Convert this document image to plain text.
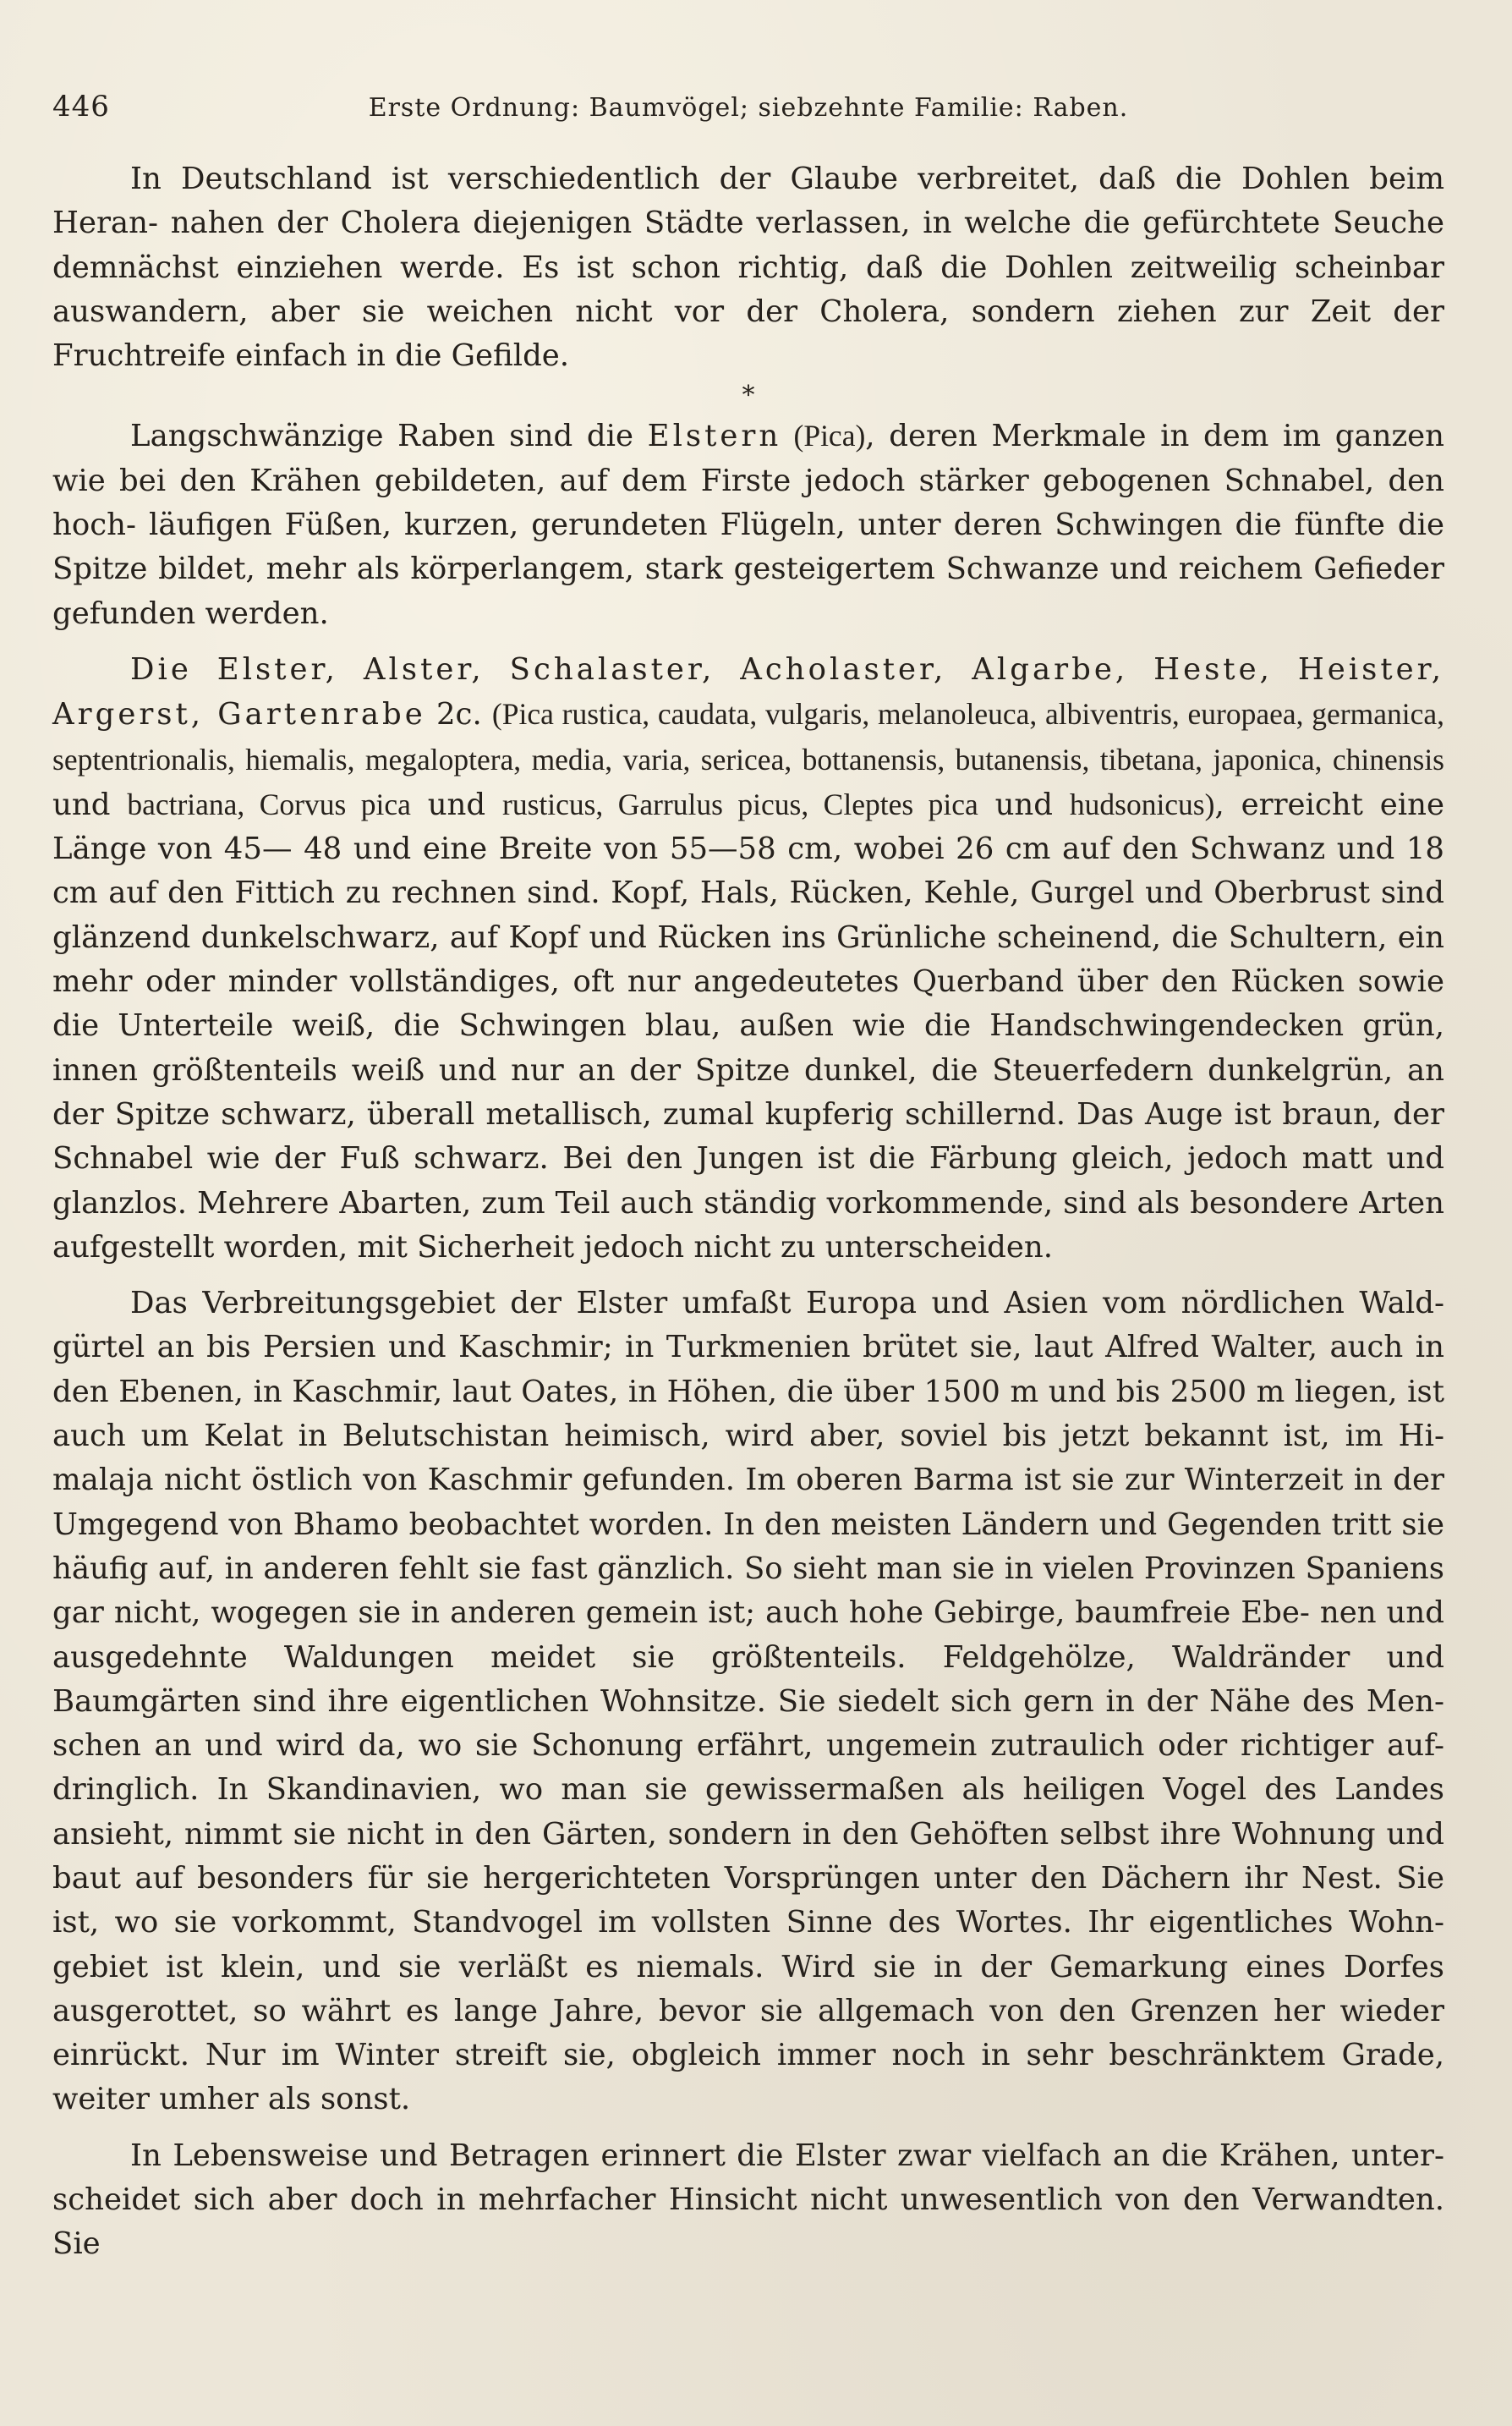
446	Erste Ordnung: Baumvögel; siebzehnte Familie: Raben.

In Deutschland ist verschiedentlich der Glaube verbreitet, daß die Dohlen beim Heran- nahen der Cholera diejenigen Städte verlassen, in welche die gefürchtete Seuche demnächst einziehen werde. Es ist schon richtig, daß die Dohlen zeitweilig scheinbar auswandern, aber sie weichen nicht vor der Cholera, sondern ziehen zur Zeit der Fruchtreife einfach in die Gefilde.

*

Langschwänzige Raben sind die Elstern (Pica), deren Merkmale in dem im ganzen wie bei den Krähen gebildeten, auf dem Firste jedoch stärker gebogenen Schnabel, den hoch- läufigen Füßen, kurzen, gerundeten Flügeln, unter deren Schwingen die fünfte die Spitze bildet, mehr als körperlangem, stark gesteigertem Schwanze und reichem Gefieder gefunden werden.

Die Elster, Alster, Schalaster, Acholaster, Algarbe, Heste, Heister, Argerst, Gartenrabe 2c. (Pica rustica, caudata, vulgaris, melanoleuca, albiventris, europaea, germanica, septentrionalis, hiemalis, megaloptera, media, varia, sericea, bottanensis, butanensis, tibetana, japonica, chinensis und bactriana, Corvus pica und rusticus, Garrulus picus, Cleptes pica und hudsonicus), erreicht eine Länge von 45— 48 und eine Breite von 55—58 cm, wobei 26 cm auf den Schwanz und 18 cm auf den Fittich zu rechnen sind. Kopf, Hals, Rücken, Kehle, Gurgel und Oberbrust sind glänzend dunkelschwarz, auf Kopf und Rücken ins Grünliche scheinend, die Schultern, ein mehr oder minder vollständiges, oft nur angedeutetes Querband über den Rücken sowie die Unterteile weiß, die Schwingen blau, außen wie die Handschwingendecken grün, innen größtenteils weiß und nur an der Spitze dunkel, die Steuerfedern dunkelgrün, an der Spitze schwarz, überall metallisch, zumal kupferig schillernd. Das Auge ist braun, der Schnabel wie der Fuß schwarz. Bei den Jungen ist die Färbung gleich, jedoch matt und glanzlos. Mehrere Abarten, zum Teil auch ständig vorkommende, sind als besondere Arten aufgestellt worden, mit Sicherheit jedoch nicht zu unterscheiden.

Das Verbreitungsgebiet der Elster umfaßt Europa und Asien vom nördlichen Wald- gürtel an bis Persien und Kaschmir; in Turkmenien brütet sie, laut Alfred Walter, auch in den Ebenen, in Kaschmir, laut Oates, in Höhen, die über 1500 m und bis 2500 m liegen, ist auch um Kelat in Belutschistan heimisch, wird aber, soviel bis jetzt bekannt ist, im Hi- malaja nicht östlich von Kaschmir gefunden. Im oberen Barma ist sie zur Winterzeit in der Umgegend von Bhamo beobachtet worden. In den meisten Ländern und Gegenden tritt sie häufig auf, in anderen fehlt sie fast gänzlich. So sieht man sie in vielen Provinzen Spaniens gar nicht, wogegen sie in anderen gemein ist; auch hohe Gebirge, baumfreie Ebe- nen und ausgedehnte Waldungen meidet sie größtenteils. Feldgehölze, Waldränder und Baumgärten sind ihre eigentlichen Wohnsitze. Sie siedelt sich gern in der Nähe des Men- schen an und wird da, wo sie Schonung erfährt, ungemein zutraulich oder richtiger auf- dringlich. In Skandinavien, wo man sie gewissermaßen als heiligen Vogel des Landes ansieht, nimmt sie nicht in den Gärten, sondern in den Gehöften selbst ihre Wohnung und baut auf besonders für sie hergerichteten Vorsprüngen unter den Dächern ihr Nest. Sie ist, wo sie vorkommt, Standvogel im vollsten Sinne des Wortes. Ihr eigentliches Wohn- gebiet ist klein, und sie verläßt es niemals. Wird sie in der Gemarkung eines Dorfes ausgerottet, so währt es lange Jahre, bevor sie allgemach von den Grenzen her wieder einrückt. Nur im Winter streift sie, obgleich immer noch in sehr beschränktem Grade, weiter umher als sonst.

In Lebensweise und Betragen erinnert die Elster zwar vielfach an die Krähen, unter- scheidet sich aber doch in mehrfacher Hinsicht nicht unwesentlich von den Verwandten. Sie
